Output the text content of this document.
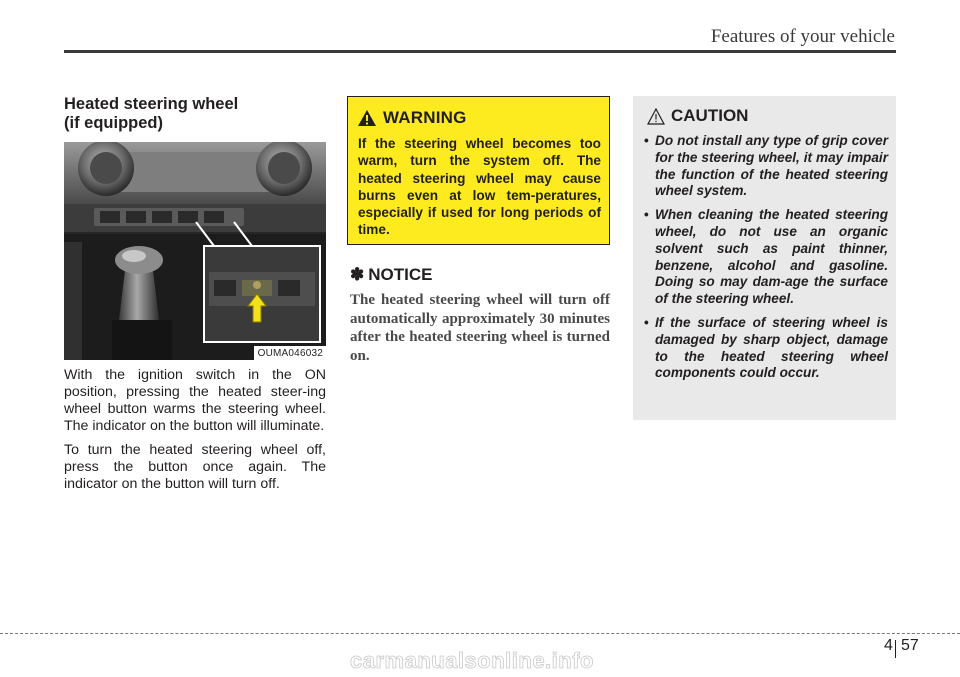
Features of your vehicle
Heated steering wheel
(if equipped)
OUMA046032

With the ignition switch in the ON position, pressing the heated steer-ing wheel button warms the steering wheel. The indicator on the button will illuminate.

To turn the heated steering wheel off, press the button once again. The indicator on the button will turn off.

WARNING
If the steering wheel becomes too warm, turn the system off. The heated steering wheel may cause burns even at low tem-peratures, especially if used for long periods of time.
✽ NOTICE
The heated steering wheel will turn off automatically approximately 30 minutes after the heated steering wheel is turned on.
CAUTION
• Do not install any type of grip cover for the steering wheel, it may impair the function of the heated steering wheel system.
• When cleaning the heated steering wheel, do not use an organic solvent such as paint thinner, benzene, alcohol and gasoline. Doing so may dam-age the surface of the steering wheel.
• If the surface of steering wheel is damaged by sharp object, damage to the heated steering wheel components could occur.
4 57
carmanualsonline.info
